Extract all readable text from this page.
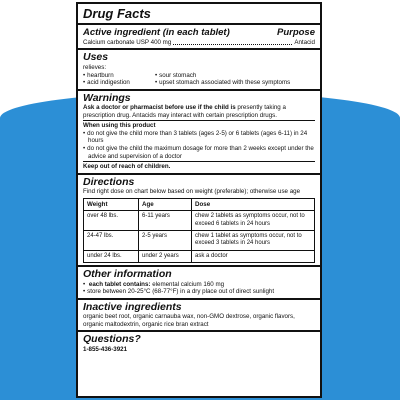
Drug Facts
Active ingredient (in each tablet)	Purpose
Calcium carbonate USP 400 mg	Antacid
Uses
relieves:
• heartburn	• sour stomach
• acid indigestion	• upset stomach associated with these symptoms
Warnings
Ask a doctor or pharmacist before use if the child is presently taking a prescription drug. Antacids may interact with certain prescription drugs.
When using this product
• do not give the child more than 3 tablets (ages 2-5) or 6 tablets (ages 6-11) in 24 hours
• do not give the child the maximum dosage for more than 2 weeks except under the advice and supervision of a doctor
Keep out of reach of children.
Directions
Find right dose on chart below based on weight (preferable); otherwise use age
Weight	Age	Dose
over 48 lbs.	6-11 years	chew 2 tablets as symptoms occur, not to exceed 6 tablets in 24 hours
24-47 lbs.	2-5 years	chew 1 tablet as symptoms occur, not to exceed 3 tablets in 24 hours
under 24 lbs.	under 2 years	ask a doctor
Other information
• each tablet contains: elemental calcium 160 mg
• store between 20-25°C (68-77°F) in a dry place out of direct sunlight
Inactive ingredients
organic beet root, organic carnauba wax, non-GMO dextrose, organic flavors, organic maltodextrin, organic rice bran extract
Questions?
1-855-436-3921
